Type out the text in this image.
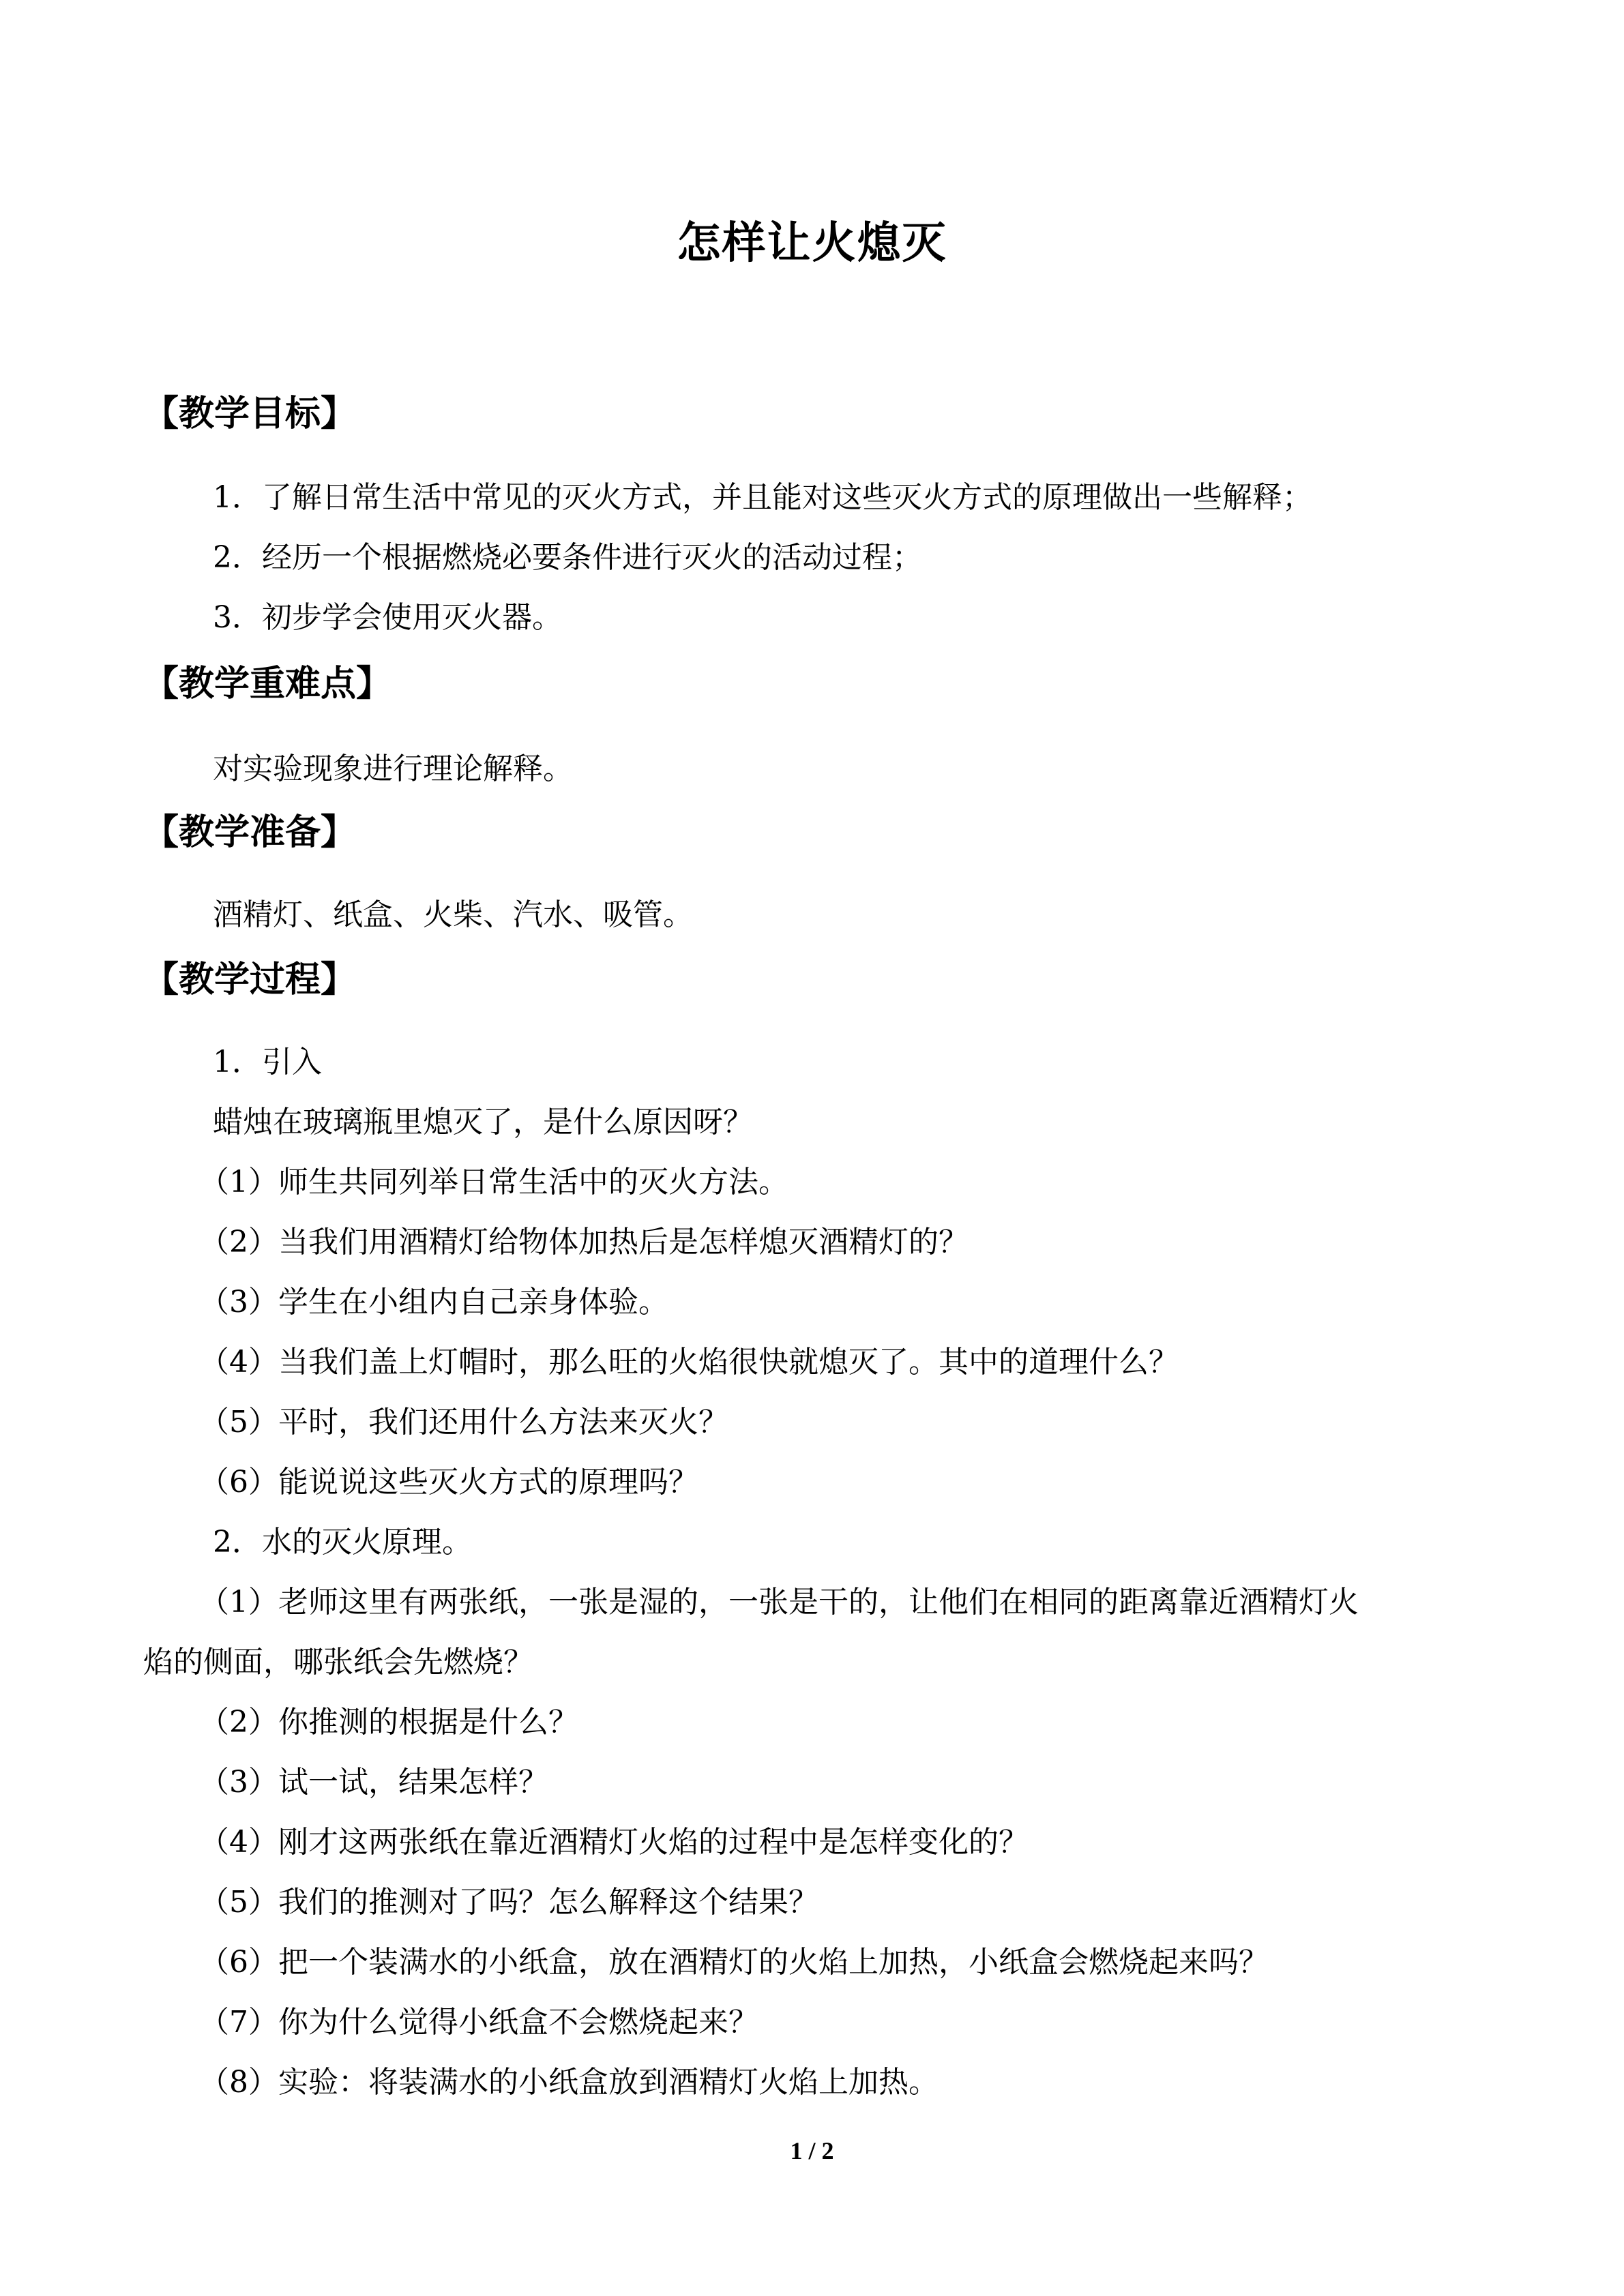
怎样让火熄灭
【教学目标】
1．了解日常生活中常见的灭火方式，并且能对这些灭火方式的原理做出一些解释；
2．经历一个根据燃烧必要条件进行灭火的活动过程；
3．初步学会使用灭火器。
【教学重难点】
对实验现象进行理论解释。
【教学准备】
酒精灯、纸盒、火柴、汽水、吸管。
【教学过程】
1．引入
蜡烛在玻璃瓶里熄灭了，是什么原因呀？
（1）师生共同列举日常生活中的灭火方法。
（2）当我们用酒精灯给物体加热后是怎样熄灭酒精灯的？
（3）学生在小组内自己亲身体验。
（4）当我们盖上灯帽时，那么旺的火焰很快就熄灭了。其中的道理什么？
（5）平时，我们还用什么方法来灭火？
（6）能说说这些灭火方式的原理吗？
2．水的灭火原理。
（1）老师这里有两张纸，一张是湿的，一张是干的，让他们在相同的距离靠近酒精灯火
焰的侧面，哪张纸会先燃烧？
（2）你推测的根据是什么？
（3）试一试，结果怎样？
（4）刚才这两张纸在靠近酒精灯火焰的过程中是怎样变化的？
（5）我们的推测对了吗？怎么解释这个结果？
（6）把一个装满水的小纸盒，放在酒精灯的火焰上加热，小纸盒会燃烧起来吗？
（7）你为什么觉得小纸盒不会燃烧起来？
（8）实验：将装满水的小纸盒放到酒精灯火焰上加热。
1 / 2
